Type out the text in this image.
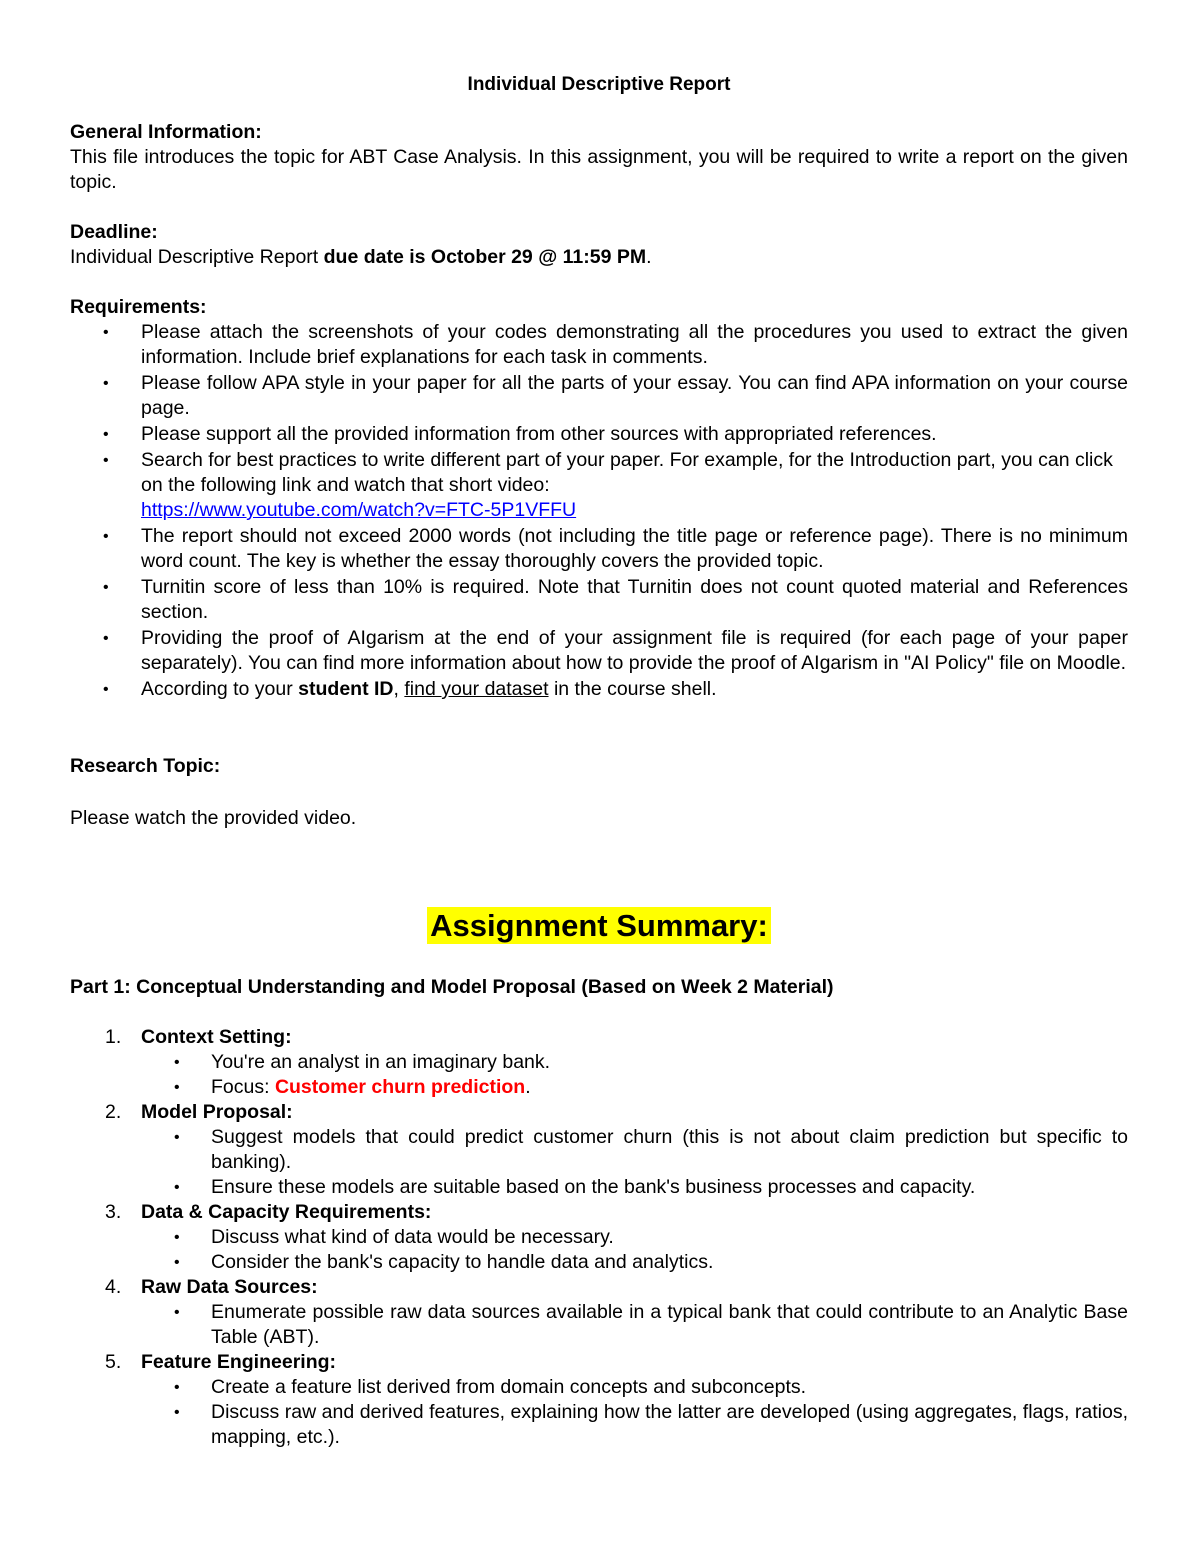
Individual Descriptive Report

General Information:

This file introduces the topic for ABT Case Analysis. In this assignment, you will be required to write a report on the given topic.

Deadline:

Individual Descriptive Report due date is October 29 @ 11:59 PM.

Requirements:

• Please attach the screenshots of your codes demonstrating all the procedures you used to extract the given information. Include brief explanations for each task in comments.
• Please follow APA style in your paper for all the parts of your essay. You can find APA information on your course page.
• Please support all the provided information from other sources with appropriated references.
• Search for best practices to write different part of your paper. For example, for the Introduction part, you can click on the following link and watch that short video:
https://www.youtube.com/watch?v=FTC-5P1VFFU
• The report should not exceed 2000 words (not including the title page or reference page). There is no minimum word count. The key is whether the essay thoroughly covers the provided topic.
• Turnitin score of less than 10% is required. Note that Turnitin does not count quoted material and References section.
• Providing the proof of AIgarism at the end of your assignment file is required (for each page of your paper separately). You can find more information about how to provide the proof of AIgarism in "AI Policy" file on Moodle.
• According to your student ID, find your dataset in the course shell.

Research Topic:

Please watch the provided video.

Assignment Summary:

Part 1: Conceptual Understanding and Model Proposal (Based on Week 2 Material)

1. Context Setting:
• You're an analyst in an imaginary bank.
• Focus: Customer churn prediction.
2. Model Proposal:
• Suggest models that could predict customer churn (this is not about claim prediction but specific to banking).
• Ensure these models are suitable based on the bank's business processes and capacity.
3. Data & Capacity Requirements:
• Discuss what kind of data would be necessary.
• Consider the bank's capacity to handle data and analytics.
4. Raw Data Sources:
• Enumerate possible raw data sources available in a typical bank that could contribute to an Analytic Base Table (ABT).
5. Feature Engineering:
• Create a feature list derived from domain concepts and subconcepts.
• Discuss raw and derived features, explaining how the latter are developed (using aggregates, flags, ratios, mapping, etc.).
